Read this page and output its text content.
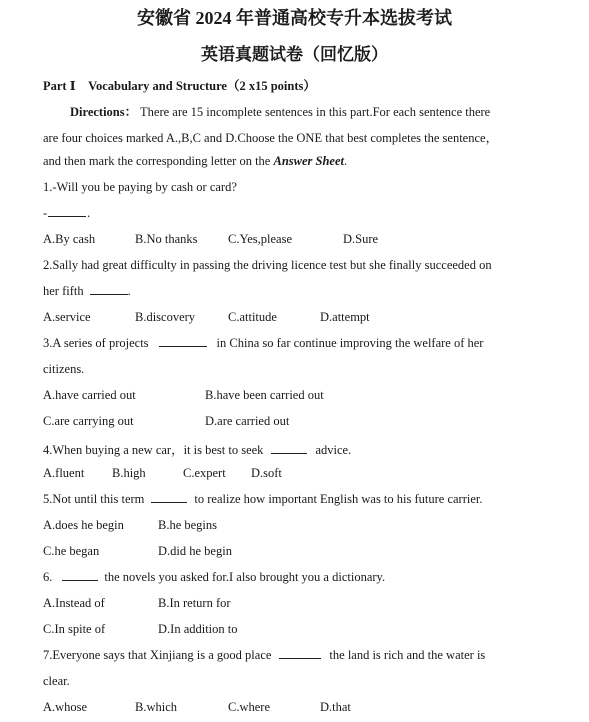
安徽省 2024 年普通高校专升本选拔考试
英语真题试卷（回忆版）
Part Ⅰ　Vocabulary and Structure（2 x15 points）
Directions： There are 15 incomplete sentences in this part.For each sentence there
are four choices marked A.,B,C and D.Choose the ONE that best completes the sentence，
and then mark the corresponding letter on the Answer Sheet.
1.-Will you be paying by cash or card?
-	.
A.By cash	B.No thanks C.Yes,please	D.Sure
2.Sally had great difficulty in passing the driving licence test but she finally succeeded on
her fifth	.
A.service	B.discovery	C.attitude	D.attempt
3.A series of projects	in China so far continue improving the welfare of her
citizens.
A.have carried out	B.have been carried out
C.are carrying out	D.are carried out
4.When buying a new car，it is best to seek	advice.
A.fluent B.high	C.expert D.soft
5.Not until this term	to realize how important English was to his future carrier.
A.does he begin	B.he begins
C.he began	D.did he begin
6.	the novels you asked for.I also brought you a dictionary.
A.Instead of	B.In return for
C.In spite of	D.In addition to
7.Everyone says that Xinjiang is a good place	the land is rich and the water is
clear.
A.whose	B.which	C.where	D.that
